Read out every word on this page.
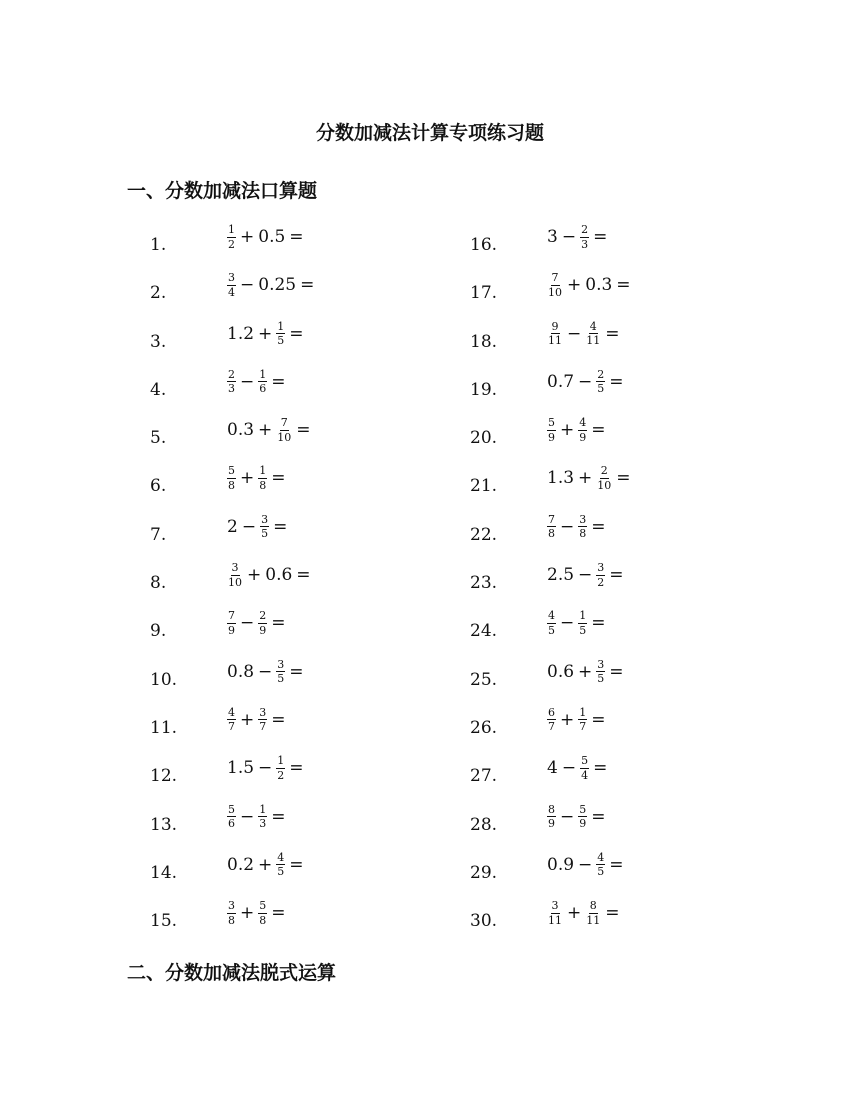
分数加减法计算专项练习题
一、分数加减法口算题
1.	$\frac{1}{2} + 0.5$ =
2.	$\frac{3}{4} - 0.25$ =
3.	$1.2 + \frac{1}{5}$ =
4.	$\frac{2}{3} - \frac{1}{6}$ =
5.	$0.3 + \frac{7}{10}$ =
6.	$\frac{5}{8} + \frac{1}{8}$ =
7.	$2 - \frac{3}{5}$ =
8.	$\frac{3}{10} + 0.6$ =
9.	$\frac{7}{9} - \frac{2}{9}$ =
10.	$0.8 - \frac{3}{5}$ =
11.	$\frac{4}{7} + \frac{3}{7}$ =
12.	$1.5 - \frac{1}{2}$ =
13.	$\frac{5}{6} - \frac{1}{3}$ =
14.	$0.2 + \frac{4}{5}$ =
15.	$\frac{3}{8} + \frac{5}{8}$ =
16.	$3 - \frac{2}{3}$ =
17.	$\frac{7}{10} + 0.3$ =
18.	$\frac{9}{11} - \frac{4}{11}$ =
19.	$0.7 - \frac{2}{5}$ =
20.	$\frac{5}{9} + \frac{4}{9}$ =
21.	$1.3 + \frac{2}{10}$ =
22.	$\frac{7}{8} - \frac{3}{8}$ =
23.	$2.5 - \frac{3}{2}$ =
24.	$\frac{4}{5} - \frac{1}{5}$ =
25.	$0.6 + \frac{3}{5}$ =
26.	$\frac{6}{7} + \frac{1}{7}$ =
27.	$4 - \frac{5}{4}$ =
28.	$\frac{8}{9} - \frac{5}{9}$ =
29.	$0.9 - \frac{4}{5}$ =
30.	$\frac{3}{11} + \frac{8}{11}$ =
二、分数加减法脱式运算
